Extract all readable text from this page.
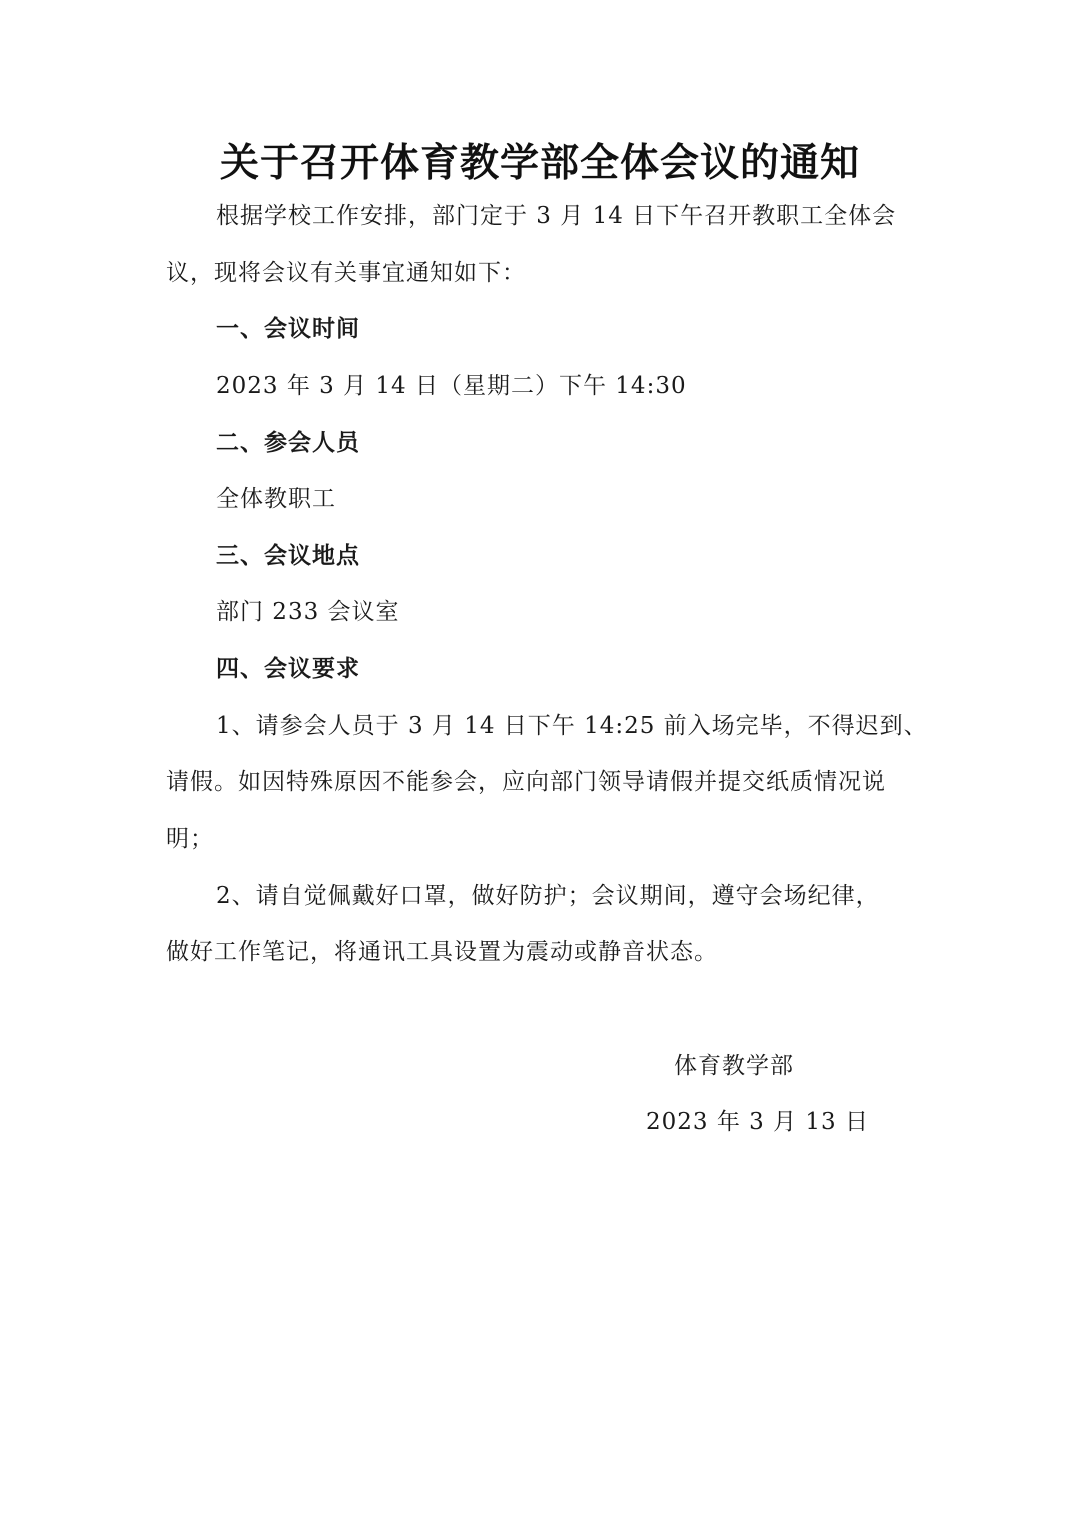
关于召开体育教学部全体会议的通知

根据学校工作安排，部门定于 3 月 14 日下午召开教职工全体会

议，现将会议有关事宜通知如下：

一、会议时间

2023 年 3 月 14 日（星期二）下午 14:30

二、参会人员

全体教职工

三、会议地点

部门 233 会议室

四、会议要求

1、请参会人员于 3 月 14 日下午 14:25 前入场完毕，不得迟到、

请假。如因特殊原因不能参会，应向部门领导请假并提交纸质情况说

明；

2、请自觉佩戴好口罩，做好防护；会议期间，遵守会场纪律，

做好工作笔记，将通讯工具设置为震动或静音状态。

体育教学部

2023 年 3 月 13 日
